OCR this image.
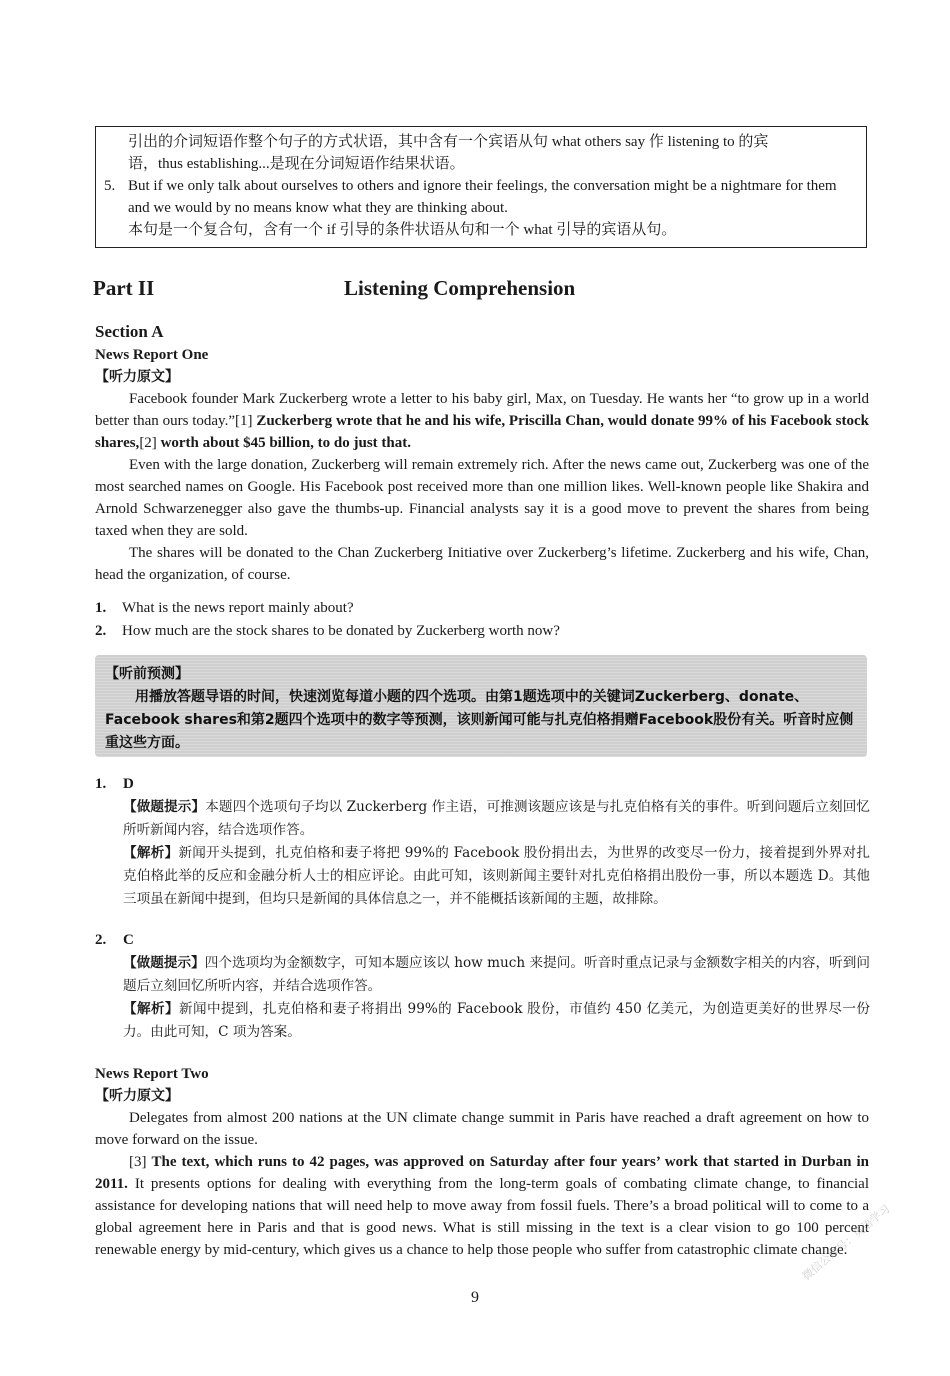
引出的介词短语作整个句子的方式状语，其中含有一个宾语从句 what others say 作 listening to 的宾

语，thus establishing...是现在分词短语作结果状语。

5. But if we only talk about ourselves to others and ignore their feelings, the conversation might be a nightmare for them and we would by no means know what they are thinking about.

本句是一个复合句，含有一个 if 引导的条件状语从句和一个 what 引导的宾语从句。

Part II	Listening Comprehension

Section A

News Report One

【听力原文】

Facebook founder Mark Zuckerberg wrote a letter to his baby girl, Max, on Tuesday. He wants her “to grow up in a world better than ours today.”[1] Zuckerberg wrote that he and his wife, Priscilla Chan, would donate 99% of his Facebook stock shares,[2] worth about $45 billion, to do just that.

Even with the large donation, Zuckerberg will remain extremely rich. After the news came out, Zuckerberg was one of the most searched names on Google. His Facebook post received more than one million likes. Well-known people like Shakira and Arnold Schwarzenegger also gave the thumbs-up. Financial analysts say it is a good move to prevent the shares from being taxed when they are sold.

The shares will be donated to the Chan Zuckerberg Initiative over Zuckerberg’s lifetime. Zuckerberg and his wife, Chan, head the organization, of course.

1. What is the news report mainly about?

2. How much are the stock shares to be donated by Zuckerberg worth now?

【听前预测】
用播放答题导语的时间，快速浏览每道小题的四个选项。由第1题选项中的关键词Zuckerberg、donate、Facebook shares和第2题四个选项中的数字等预测，该则新闻可能与扎克伯格捐赠Facebook股份有关。听音时应侧重这些方面。

1. D

【做题提示】本题四个选项句子均以 Zuckerberg 作主语，可推测该题应该是与扎克伯格有关的事件。听到问题后立刻回忆所听新闻内容，结合选项作答。

【解析】新闻开头提到，扎克伯格和妻子将把 99%的 Facebook 股份捐出去，为世界的改变尽一份力，接着提到外界对扎克伯格此举的反应和金融分析人士的相应评论。由此可知，该则新闻主要针对扎克伯格捐出股份一事，所以本题选 D。其他三项虽在新闻中提到，但均只是新闻的具体信息之一，并不能概括该新闻的主题，故排除。

2. C

【做题提示】四个选项均为金额数字，可知本题应该以 how much 来提问。听音时重点记录与金额数字相关的内容，听到问题后立刻回忆所听内容，并结合选项作答。

【解析】新闻中提到，扎克伯格和妻子将捐出 99%的 Facebook 股份，市值约 450 亿美元，为创造更美好的世界尽一份力。由此可知，C 项为答案。

News Report Two

【听力原文】

Delegates from almost 200 nations at the UN climate change summit in Paris have reached a draft agreement on how to move forward on the issue.

[3] The text, which runs to 42 pages, was approved on Saturday after four years’ work that started in Durban in 2011. It presents options for dealing with everything from the long-term goals of combating climate change, to financial assistance for developing nations that will need help to move away from fossil fuels. There’s a broad political will to come to a global agreement here in Paris and that is good news. What is still missing in the text is a clear vision to go 100 percent renewable energy by mid-century, which gives us a chance to help those people who suffer from catastrophic climate change.

9
微信公众号：英语学习
